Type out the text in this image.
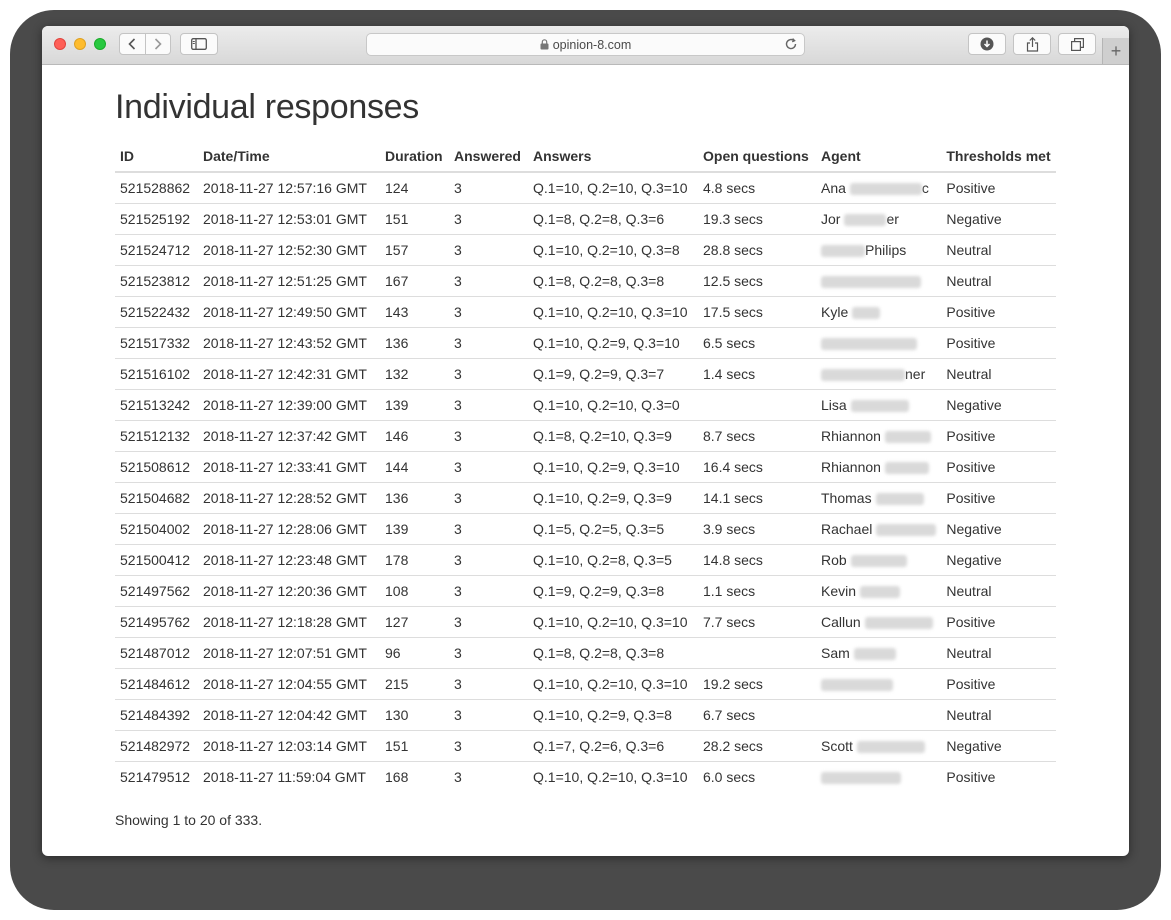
opinion-8.com	+
Individual responses
ID	Date/Time	Duration	Answered	Answers	Open questions	Agent	Thresholds met
521528862	2018-11-27 12:57:16 GMT	124	3	Q.1=10, Q.2=10, Q.3=10	4.8 secs	Ana c	Positive
521525192	2018-11-27 12:53:01 GMT	151	3	Q.1=8, Q.2=8, Q.3=6	19.3 secs	Jor er	Negative
521524712	2018-11-27 12:52:30 GMT	157	3	Q.1=10, Q.2=10, Q.3=8	28.8 secs	Philips	Neutral
521523812	2018-11-27 12:51:25 GMT	167	3	Q.1=8, Q.2=8, Q.3=8	12.5 secs		Neutral
521522432	2018-11-27 12:49:50 GMT	143	3	Q.1=10, Q.2=10, Q.3=10	17.5 secs	Kyle	Positive
521517332	2018-11-27 12:43:52 GMT	136	3	Q.1=10, Q.2=9, Q.3=10	6.5 secs		Positive
521516102	2018-11-27 12:42:31 GMT	132	3	Q.1=9, Q.2=9, Q.3=7	1.4 secs	ner	Neutral
521513242	2018-11-27 12:39:00 GMT	139	3	Q.1=10, Q.2=10, Q.3=0		Lisa	Negative
521512132	2018-11-27 12:37:42 GMT	146	3	Q.1=8, Q.2=10, Q.3=9	8.7 secs	Rhiannon	Positive
521508612	2018-11-27 12:33:41 GMT	144	3	Q.1=10, Q.2=9, Q.3=10	16.4 secs	Rhiannon	Positive
521504682	2018-11-27 12:28:52 GMT	136	3	Q.1=10, Q.2=9, Q.3=9	14.1 secs	Thomas	Positive
521504002	2018-11-27 12:28:06 GMT	139	3	Q.1=5, Q.2=5, Q.3=5	3.9 secs	Rachael	Negative
521500412	2018-11-27 12:23:48 GMT	178	3	Q.1=10, Q.2=8, Q.3=5	14.8 secs	Rob	Negative
521497562	2018-11-27 12:20:36 GMT	108	3	Q.1=9, Q.2=9, Q.3=8	1.1 secs	Kevin	Neutral
521495762	2018-11-27 12:18:28 GMT	127	3	Q.1=10, Q.2=10, Q.3=10	7.7 secs	Callun	Positive
521487012	2018-11-27 12:07:51 GMT	96	3	Q.1=8, Q.2=8, Q.3=8		Sam	Neutral
521484612	2018-11-27 12:04:55 GMT	215	3	Q.1=10, Q.2=10, Q.3=10	19.2 secs		Positive
521484392	2018-11-27 12:04:42 GMT	130	3	Q.1=10, Q.2=9, Q.3=8	6.7 secs		Neutral
521482972	2018-11-27 12:03:14 GMT	151	3	Q.1=7, Q.2=6, Q.3=6	28.2 secs	Scott	Negative
521479512	2018-11-27 11:59:04 GMT	168	3	Q.1=10, Q.2=10, Q.3=10	6.0 secs		Positive
Showing 1 to 20 of 333.
